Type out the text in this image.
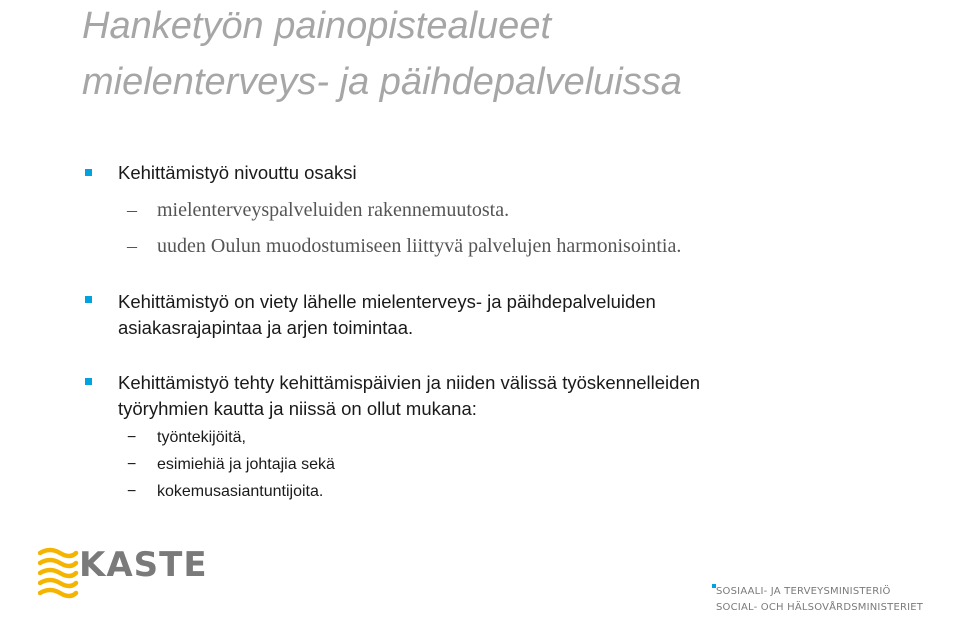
Hanketyön painopistealueet
mielenterveys- ja päihdepalveluissa
Kehittämistyö nivouttu osaksi
– mielenterveyspalveluiden rakennemuutosta.
– uuden Oulun muodostumiseen liittyvä palvelujen harmonisointia.
Kehittämistyö on viety lähelle mielenterveys- ja päihdepalveluiden
asiakasrajapintaa ja arjen toimintaa.
Kehittämistyö tehty kehittämispäivien ja niiden välissä työskennelleiden
työryhmien kautta ja niissä on ollut mukana:
− työntekijöitä,
− esimiehiä ja johtajia sekä
− kokemusasiantuntijoita.
KASTE
SOSIAALI- JA TERVEYSMINISTERIÖ
SOCIAL- OCH HÄLSOVÅRDSMINISTERIET
